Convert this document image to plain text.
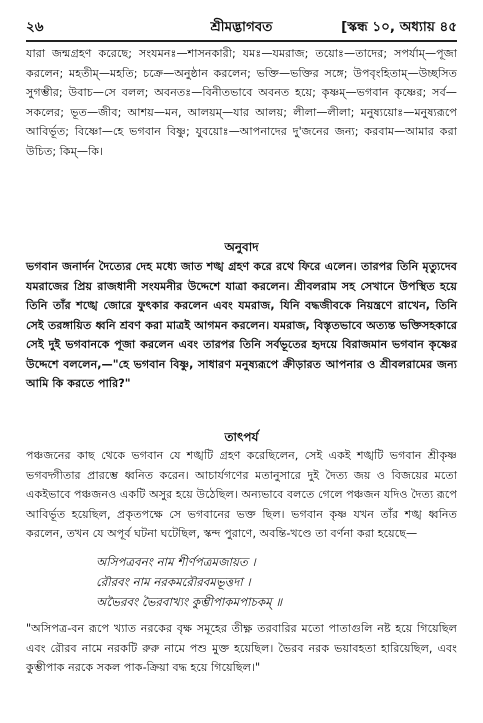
২৬	শ্রীমদ্ভাগবত	[স্কন্ধ ১০, অধ্যায় ৪৫

যারা জন্মগ্রহণ করেছে; সংযমনঃ—শাসনকারী; যমঃ—যমরাজ; তয়োঃ—তাদের; সপর্যাম্—পূজা করলেন; মহতীম্—মহতি; চক্রে—অনুষ্ঠান করলেন; ভক্তি—ভক্তির সঙ্গে; উপবৃংহিতাম্—উচ্ছসিত সুগম্ভীর; উবাচ—সে বলল; অবনতঃ—বিনীতভাবে অবনত হয়ে; কৃষ্ণম্—ভগবান কৃষ্ণের; সর্ব—সকলের; ভূত—জীব; আশয়—মন, আলয়ম্—যার আলয়; লীলা—লীলা; মনুষ্যয়োঃ—মনুষ্যরূপে আবির্ভূত; বিষ্ণো—হে ভগবান বিষ্ণু; যুবয়োঃ—আপনাদের দু'জনের জন্য; করবাম—আমার করা উচিত; কিম্—কি।

অনুবাদ

ভগবান জনার্দন দৈত্যের দেহ মধ্যে জাত শঙ্খ গ্রহণ করে রথে ফিরে এলেন। তারপর তিনি মৃত্যুদেব যমরাজের প্রিয় রাজধানী সংযমনীর উদ্দেশে যাত্রা করলেন। শ্রীবলরাম সহ সেখানে উপস্থিত হয়ে তিনি তাঁর শঙ্খে জোরে ফুৎকার করলেন এবং যমরাজ, যিনি বদ্ধজীবকে নিয়ন্ত্রণে রাখেন, তিনি সেই তরঙ্গায়িত ধ্বনি শ্রবণ করা মাত্রই আগমন করলেন। যমরাজ, বিস্তৃতভাবে অত্যন্ত ভক্তিসহকারে সেই দুই ভগবানকে পূজা করলেন এবং তারপর তিনি সর্বভূতের হৃদয়ে বিরাজমান ভগবান কৃষ্ণের উদ্দেশে বললেন,—"হে ভগবান বিষ্ণু, সাধারণ মনুষ্যরূপে ক্রীড়ারত আপনার ও শ্রীবলরামের জন্য আমি কি করতে পারি?"

তাৎপর্য

পঞ্চজনের কাছ থেকে ভগবান যে শঙ্খটি গ্রহণ করেছিলেন, সেই একই শঙ্খটি ভগবান শ্রীকৃষ্ণ ভগবদ্গীতার প্রারম্ভে ধ্বনিত করেন। আচার্যগণের মতানুসারে দুই দৈত্য জয় ও বিজয়ের মতো একইভাবে পঞ্চজনও একটি অসুর হয়ে উঠেছিল। অন্যভাবে বলতে গেলে পঞ্চজন যদিও দৈত্য রূপে আবির্ভূত হয়েছিল, প্রকৃতপক্ষে সে ভগবানের ভক্ত ছিল। ভগবান কৃষ্ণ যখন তাঁর শঙ্খ ধ্বনিত করলেন, তখন যে অপূর্ব ঘটনা ঘটেছিল, স্কন্দ পুরাণে, অবন্তি-খণ্ডে তা বর্ণনা করা হয়েছে—

অসিপত্রবনং নাম শীর্ণপত্রমজায়ত ।
রৌরবং নাম নরকমরৌরবমভূত্তদা ।
অভৈরবং ভৈরবাখ্যং কুম্ভীপাকমপাচকম্ ॥

"অসিপত্র-বন রূপে খ্যাত নরকের বৃক্ষ সমূহের তীক্ষ্ণ তরবারির মতো পাতাগুলি নষ্ট হয়ে গিয়েছিল এবং রৌরব নামে নরকটি রুরু নামে পশু মুক্ত হয়েছিল। ভৈরব নরক ভয়াবহতা হারিয়েছিল, এবং কুম্ভীপাক নরকে সকল পাক-ক্রিয়া বদ্ধ হয়ে গিয়েছিল।"
